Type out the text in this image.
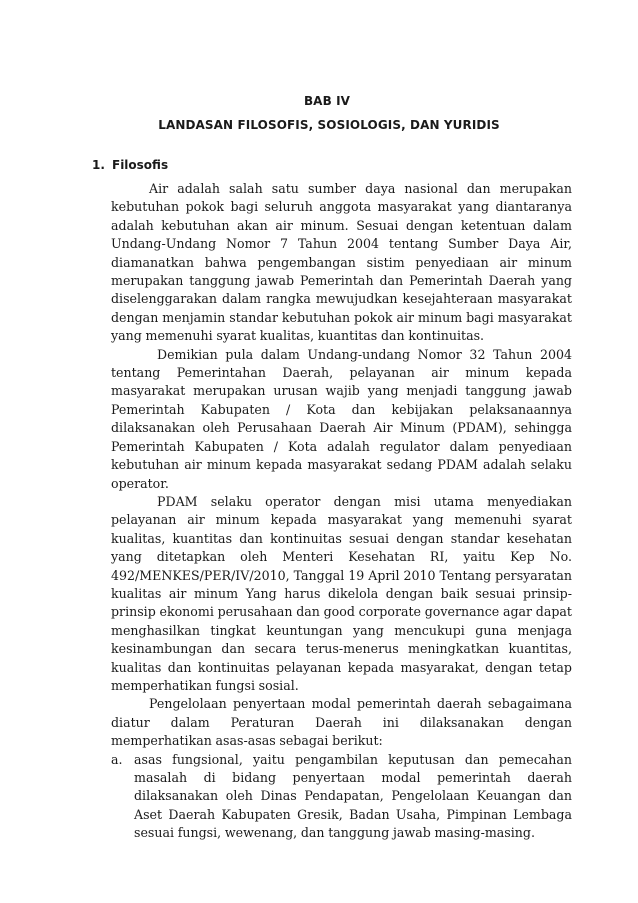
BAB IV
LANDASAN FILOSOFIS, SOSIOLOGIS, DAN YURIDIS
1. Filosofis

Air adalah salah satu sumber daya nasional dan merupakan kebutuhan pokok bagi seluruh anggota masyarakat yang diantaranya adalah kebutuhan akan air minum. Sesuai dengan ketentuan dalam Undang-Undang Nomor 7 Tahun 2004 tentang Sumber Daya Air, diamanatkan bahwa pengembangan sistim penyediaan air minum merupakan tanggung jawab Pemerintah dan Pemerintah Daerah yang diselenggarakan dalam rangka mewujudkan kesejahteraan masyarakat dengan menjamin standar kebutuhan pokok air minum bagi masyarakat yang memenuhi syarat kualitas, kuantitas dan kontinuitas.

Demikian pula dalam Undang-undang Nomor 32 Tahun 2004 tentang Pemerintahan Daerah, pelayanan air minum kepada masyarakat merupakan urusan wajib yang menjadi tanggung jawab Pemerintah Kabupaten / Kota dan kebijakan pelaksanaannya dilaksanakan oleh Perusahaan Daerah Air Minum (PDAM), sehingga Pemerintah Kabupaten / Kota adalah regulator dalam penyediaan kebutuhan air minum kepada masyarakat sedang PDAM adalah selaku operator.

PDAM selaku operator dengan misi utama menyediakan pelayanan air minum kepada masyarakat yang memenuhi syarat kualitas, kuantitas dan kontinuitas sesuai dengan standar kesehatan yang ditetapkan oleh Menteri Kesehatan RI, yaitu Kep No. 492/MENKES/PER/IV/2010, Tanggal 19 April 2010 Tentang persyaratan kualitas air minum Yang harus dikelola dengan baik sesuai prinsip-prinsip ekonomi perusahaan dan good corporate governance agar dapat menghasilkan tingkat keuntungan yang mencukupi guna menjaga kesinambungan dan secara terus-menerus meningkatkan kuantitas, kualitas dan kontinuitas pelayanan kepada masyarakat, dengan tetap memperhatikan fungsi sosial.

Pengelolaan penyertaan modal pemerintah daerah sebagaimana diatur dalam Peraturan Daerah ini dilaksanakan dengan memperhatikan asas-asas sebagai berikut:

a. asas fungsional, yaitu pengambilan keputusan dan pemecahan masalah di bidang penyertaan modal pemerintah daerah dilaksanakan oleh Dinas Pendapatan, Pengelolaan Keuangan dan Aset Daerah Kabupaten Gresik, Badan Usaha, Pimpinan Lembaga sesuai fungsi, wewenang, dan tanggung jawab masing-masing.
